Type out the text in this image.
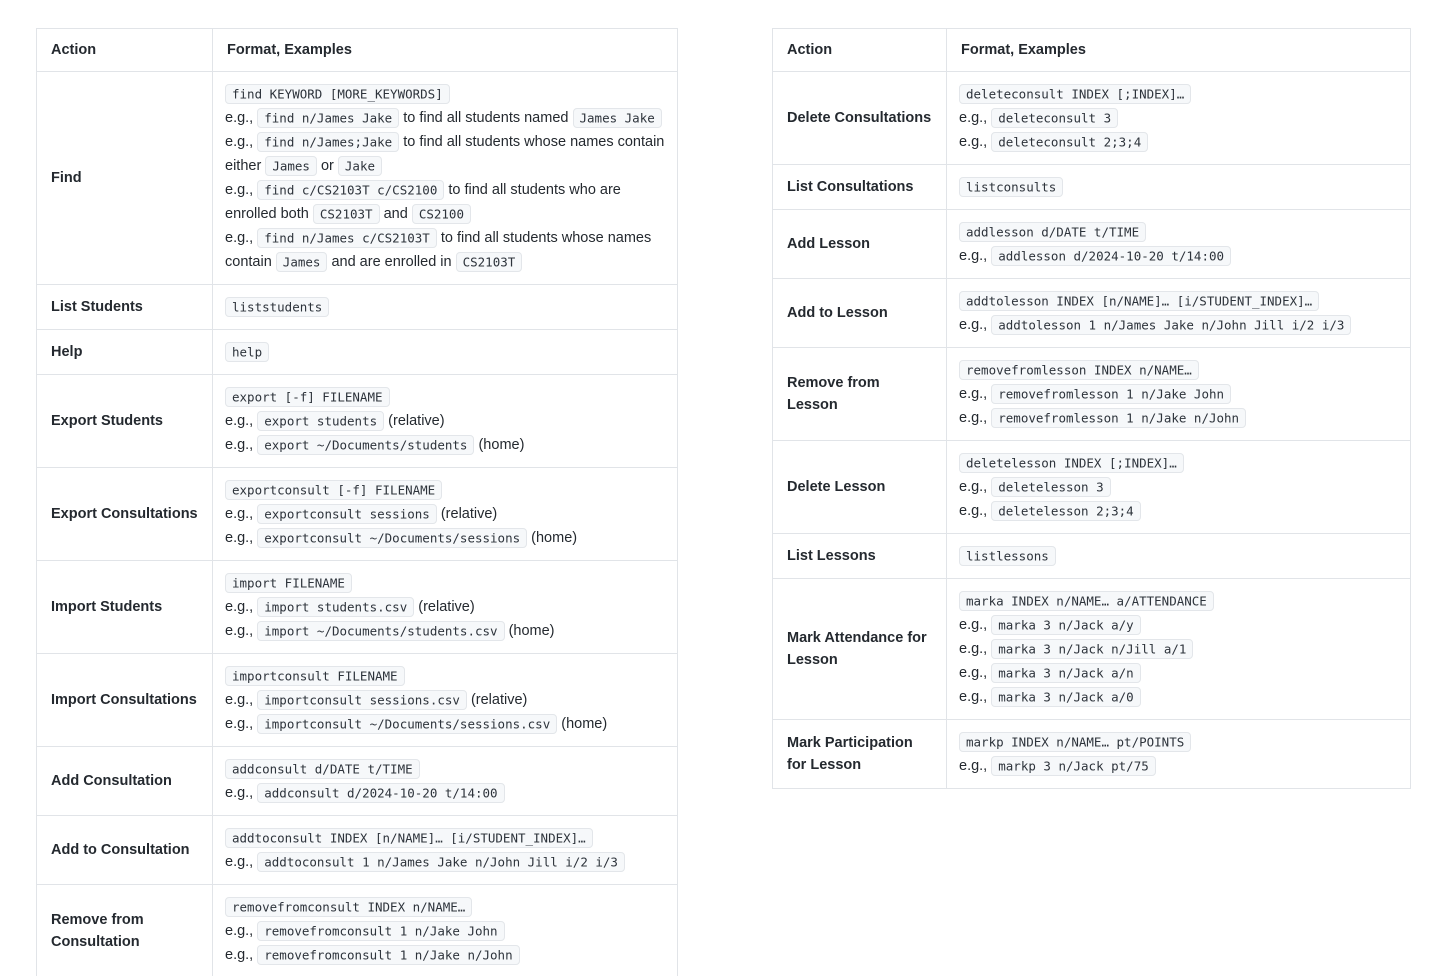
Action	Format, Examples
Find	find KEYWORD [MORE_KEYWORDS]
e.g., find n/James Jake to find all students named James Jake
e.g., find n/James;Jake to find all students whose names contain either James or Jake
e.g., find c/CS2103T c/CS2100 to find all students who are enrolled both CS2103T and CS2100
e.g., find n/James c/CS2103T to find all students whose names contain James and are enrolled in CS2103T

List Students	liststudents

Help	help

Export Students	export [-f] FILENAME
e.g., export students (relative)
e.g., export ~/Documents/students (home)

Export Consultations	exportconsult [-f] FILENAME
e.g., exportconsult sessions (relative)
e.g., exportconsult ~/Documents/sessions (home)

Import Students	import FILENAME
e.g., import students.csv (relative)
e.g., import ~/Documents/students.csv (home)

Import Consultations	importconsult FILENAME
e.g., importconsult sessions.csv (relative)
e.g., importconsult ~/Documents/sessions.csv (home)

Add Consultation	addconsult d/DATE t/TIME
e.g., addconsult d/2024-10-20 t/14:00

Add to Consultation	addtoconsult INDEX [n/NAME]… [i/STUDENT_INDEX]…
e.g., addtoconsult 1 n/James Jake n/John Jill i/2 i/3

Remove from Consultation	removefromconsult INDEX n/NAME…
e.g., removefromconsult 1 n/Jake John
e.g., removefromconsult 1 n/Jake n/John
Action	Format, Examples
Delete Consultations	deleteconsult INDEX [;INDEX]…
e.g., deleteconsult 3
e.g., deleteconsult 2;3;4

List Consultations	listconsults

Add Lesson	addlesson d/DATE t/TIME
e.g., addlesson d/2024-10-20 t/14:00

Add to Lesson	addtolesson INDEX [n/NAME]… [i/STUDENT_INDEX]…
e.g., addtolesson 1 n/James Jake n/John Jill i/2 i/3

Remove from Lesson	removefromlesson INDEX n/NAME…
e.g., removefromlesson 1 n/Jake John
e.g., removefromlesson 1 n/Jake n/John

Delete Lesson	deletelesson INDEX [;INDEX]…
e.g., deletelesson 3
e.g., deletelesson 2;3;4

List Lessons	listlessons

Mark Attendance for Lesson	marka INDEX n/NAME… a/ATTENDANCE
e.g., marka 3 n/Jack a/y
e.g., marka 3 n/Jack n/Jill a/1
e.g., marka 3 n/Jack a/n
e.g., marka 3 n/Jack a/0

Mark Participation for Lesson	markp INDEX n/NAME… pt/POINTS
e.g., markp 3 n/Jack pt/75
